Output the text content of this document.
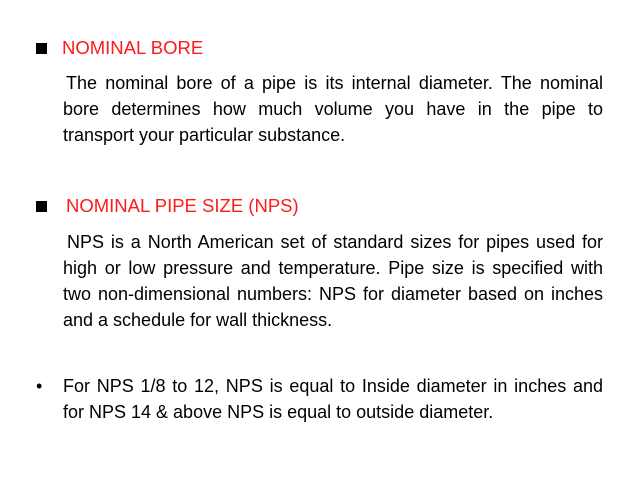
NOMINAL BORE

The nominal bore of a pipe is its internal diameter. The nominal bore determines how much volume you have in the pipe to transport your particular substance.

NOMINAL PIPE SIZE (NPS)

NPS is a North American set of standard sizes for pipes used for high or low pressure and temperature. Pipe size is specified with two non-dimensional numbers: NPS for diameter based on inches and a schedule for wall thickness.

• For NPS 1/8 to 12, NPS is equal to Inside diameter in inches and for NPS 14 & above NPS is equal to outside diameter.
